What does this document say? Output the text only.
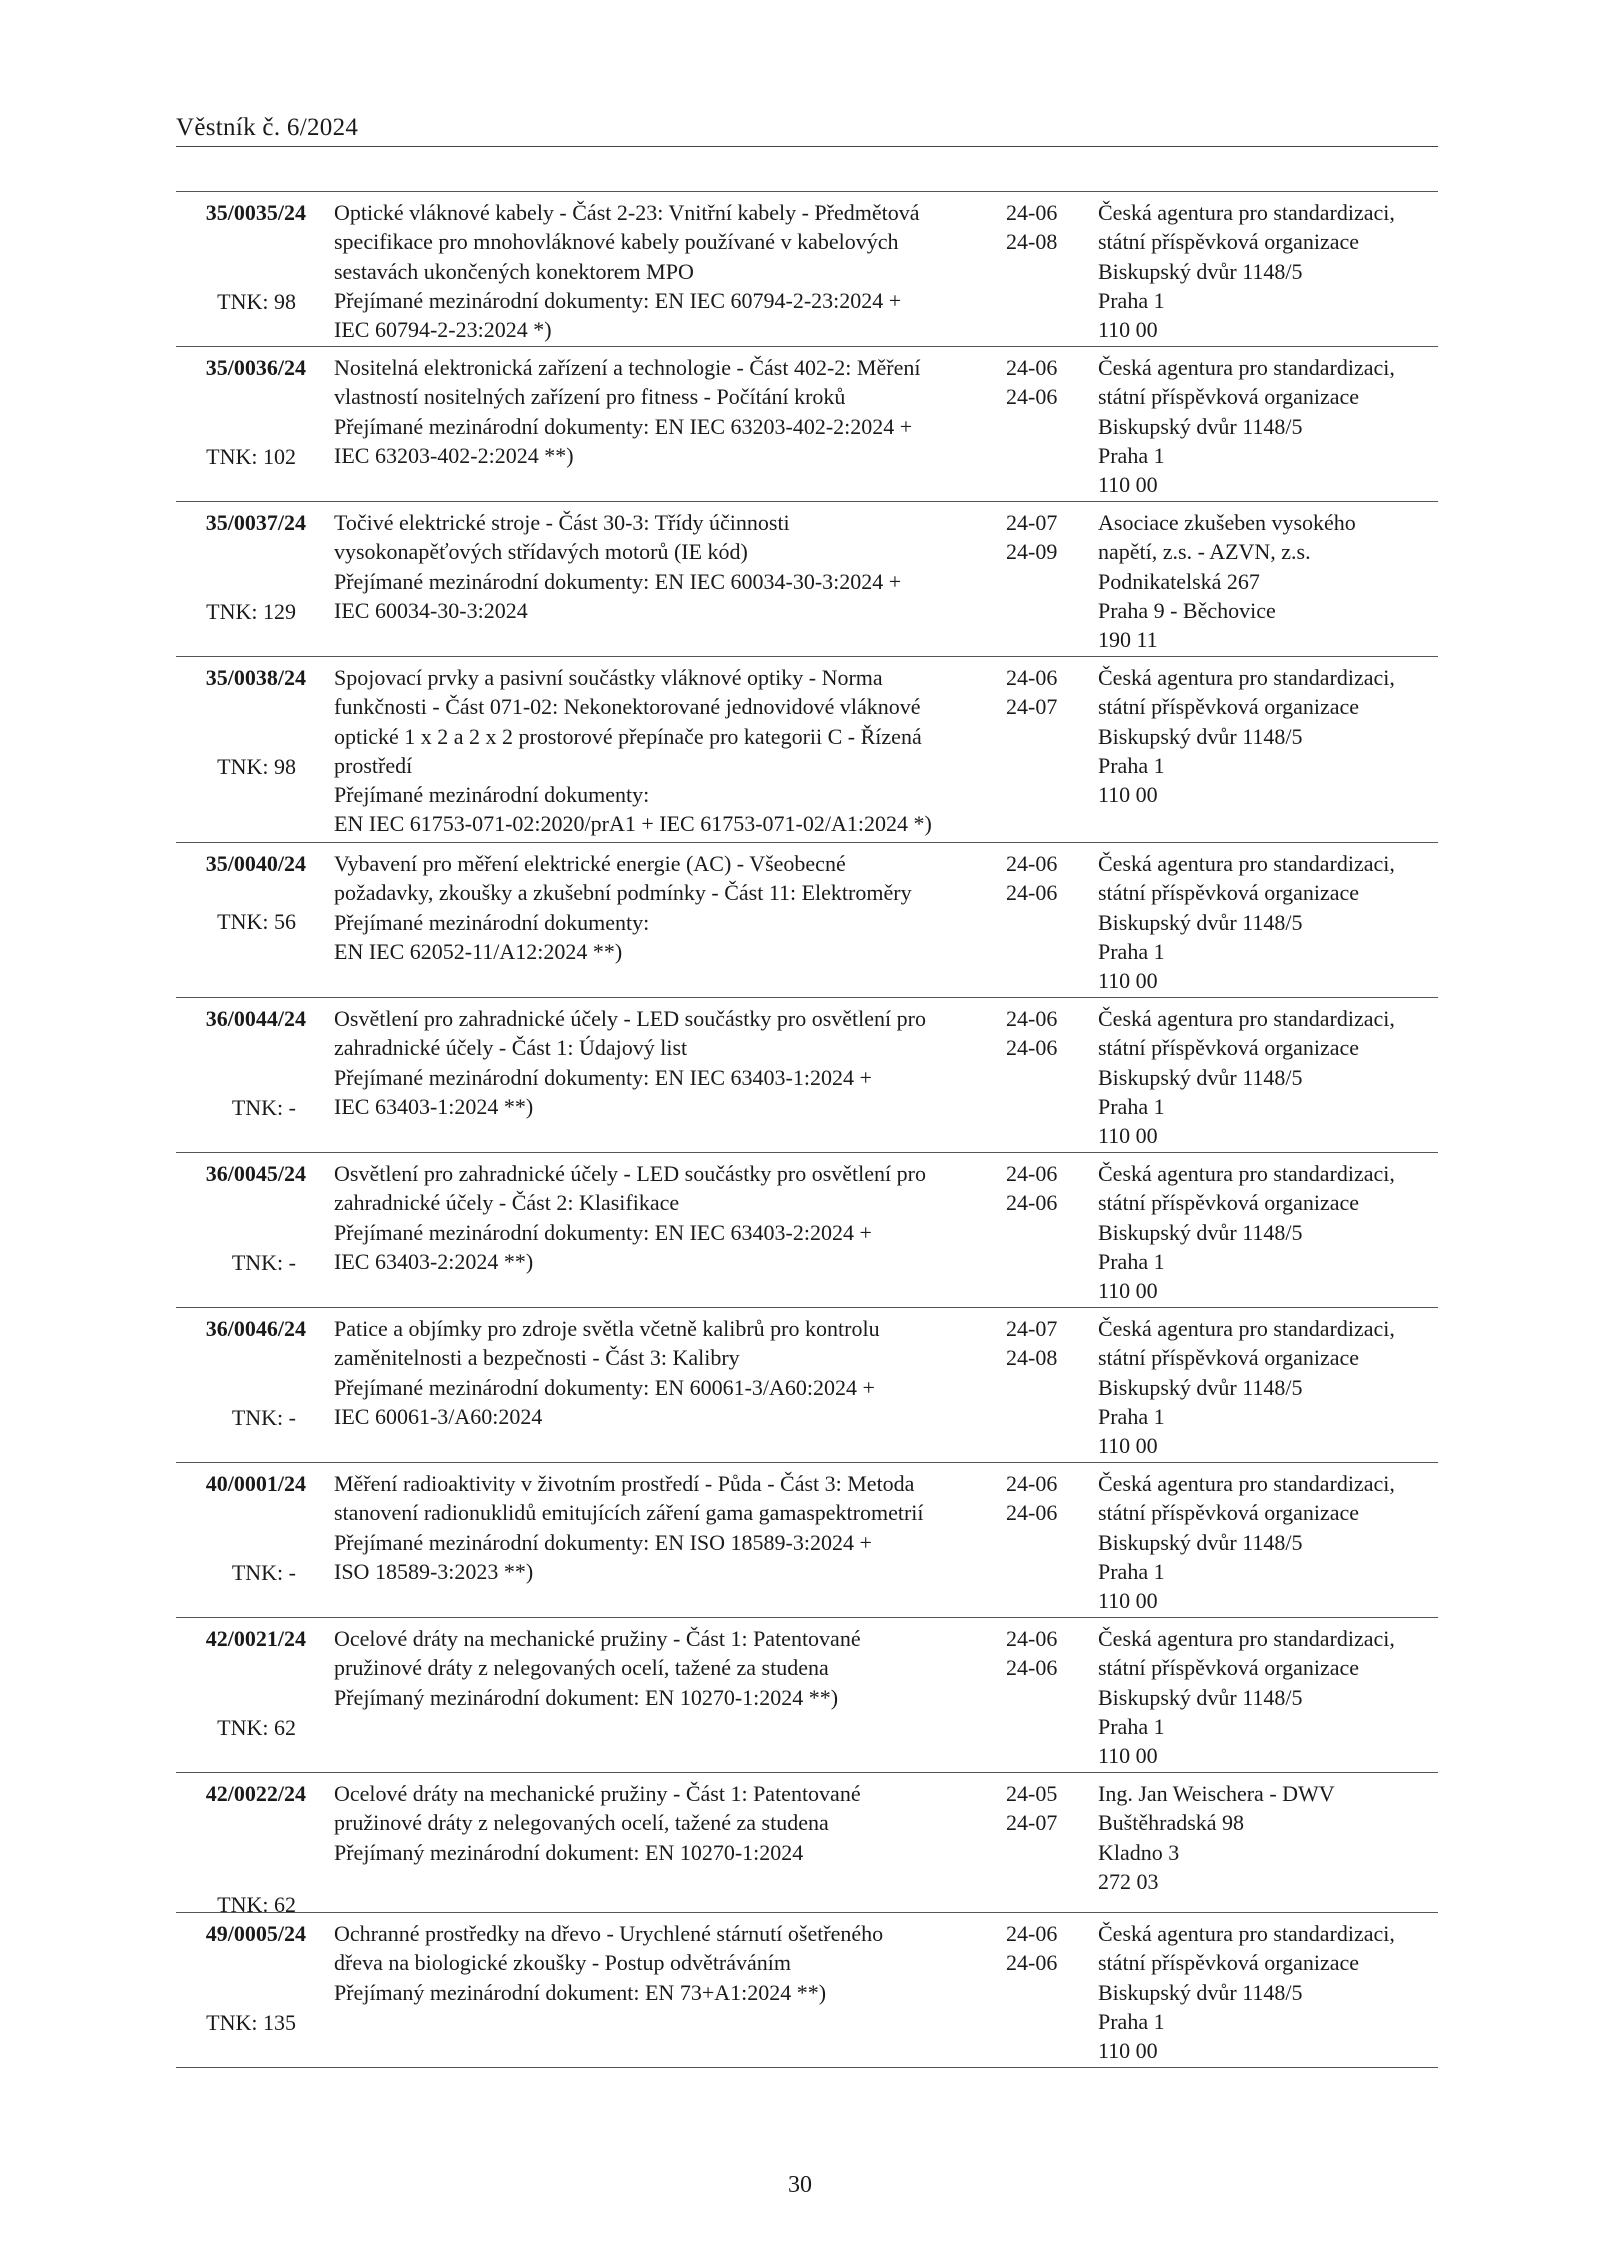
Věstník č. 6/2024
35/0035/24
TNK: 98
Optické vláknové kabely - Část 2-23: Vnitřní kabely - Předmětová
specifikace pro mnohovláknové kabely používané v kabelových
sestavách ukončených konektorem MPO
Přejímané mezinárodní dokumenty: EN IEC 60794-2-23:2024 +
IEC 60794-2-23:2024 *)
24-06
24-08
Česká agentura pro standardizaci,
státní příspěvková organizace
Biskupský dvůr 1148/5
Praha 1
110 00
35/0036/24
TNK: 102
Nositelná elektronická zařízení a technologie - Část 402-2: Měření
vlastností nositelných zařízení pro fitness - Počítání kroků
Přejímané mezinárodní dokumenty: EN IEC 63203-402-2:2024 +
IEC 63203-402-2:2024 **)
24-06
24-06
Česká agentura pro standardizaci,
státní příspěvková organizace
Biskupský dvůr 1148/5
Praha 1
110 00
35/0037/24
TNK: 129
Točivé elektrické stroje - Část 30-3: Třídy účinnosti
vysokonapěťových střídavých motorů (IE kód)
Přejímané mezinárodní dokumenty: EN IEC 60034-30-3:2024 +
IEC 60034-30-3:2024
24-07
24-09
Asociace zkušeben vysokého
napětí, z.s. - AZVN, z.s.
Podnikatelská 267
Praha 9 - Běchovice
190 11
35/0038/24
TNK: 98
Spojovací prvky a pasivní součástky vláknové optiky - Norma
funkčnosti - Část 071-02: Nekonektorované jednovidové vláknové
optické 1 x 2 a 2 x 2 prostorové přepínače pro kategorii C - Řízená
prostředí
Přejímané mezinárodní dokumenty:
EN IEC 61753-071-02:2020/prA1 + IEC 61753-071-02/A1:2024 *)
24-06
24-07
Česká agentura pro standardizaci,
státní příspěvková organizace
Biskupský dvůr 1148/5
Praha 1
110 00
35/0040/24
TNK: 56
Vybavení pro měření elektrické energie (AC) - Všeobecné
požadavky, zkoušky a zkušební podmínky - Část 11: Elektroměry
Přejímané mezinárodní dokumenty:
EN IEC 62052-11/A12:2024 **)
24-06
24-06
Česká agentura pro standardizaci,
státní příspěvková organizace
Biskupský dvůr 1148/5
Praha 1
110 00
36/0044/24
TNK: -
Osvětlení pro zahradnické účely - LED součástky pro osvětlení pro
zahradnické účely - Část 1: Údajový list
Přejímané mezinárodní dokumenty: EN IEC 63403-1:2024 +
IEC 63403-1:2024 **)
24-06
24-06
Česká agentura pro standardizaci,
státní příspěvková organizace
Biskupský dvůr 1148/5
Praha 1
110 00
36/0045/24
TNK: -
Osvětlení pro zahradnické účely - LED součástky pro osvětlení pro
zahradnické účely - Část 2: Klasifikace
Přejímané mezinárodní dokumenty: EN IEC 63403-2:2024 +
IEC 63403-2:2024 **)
24-06
24-06
Česká agentura pro standardizaci,
státní příspěvková organizace
Biskupský dvůr 1148/5
Praha 1
110 00
36/0046/24
TNK: -
Patice a objímky pro zdroje světla včetně kalibrů pro kontrolu
zaměnitelnosti a bezpečnosti - Část 3: Kalibry
Přejímané mezinárodní dokumenty: EN 60061-3/A60:2024 +
IEC 60061-3/A60:2024
24-07
24-08
Česká agentura pro standardizaci,
státní příspěvková organizace
Biskupský dvůr 1148/5
Praha 1
110 00
40/0001/24
TNK: -
Měření radioaktivity v životním prostředí - Půda - Část 3: Metoda
stanovení radionuklidů emitujících záření gama gamaspektrometrií
Přejímané mezinárodní dokumenty: EN ISO 18589-3:2024 +
ISO 18589-3:2023 **)
24-06
24-06
Česká agentura pro standardizaci,
státní příspěvková organizace
Biskupský dvůr 1148/5
Praha 1
110 00
42/0021/24
TNK: 62
Ocelové dráty na mechanické pružiny - Část 1: Patentované
pružinové dráty z nelegovaných ocelí, tažené za studena
Přejímaný mezinárodní dokument: EN 10270-1:2024 **)
24-06
24-06
Česká agentura pro standardizaci,
státní příspěvková organizace
Biskupský dvůr 1148/5
Praha 1
110 00
42/0022/24
TNK: 62
Ocelové dráty na mechanické pružiny - Část 1: Patentované
pružinové dráty z nelegovaných ocelí, tažené za studena
Přejímaný mezinárodní dokument: EN 10270-1:2024
24-05
24-07
Ing. Jan Weischera - DWV
Buštěhradská 98
Kladno 3
272 03
49/0005/24
TNK: 135
Ochranné prostředky na dřevo - Urychlené stárnutí ošetřeného
dřeva na biologické zkoušky - Postup odvětráváním
Přejímaný mezinárodní dokument: EN 73+A1:2024 **)
24-06
24-06
Česká agentura pro standardizaci,
státní příspěvková organizace
Biskupský dvůr 1148/5
Praha 1
110 00
30
